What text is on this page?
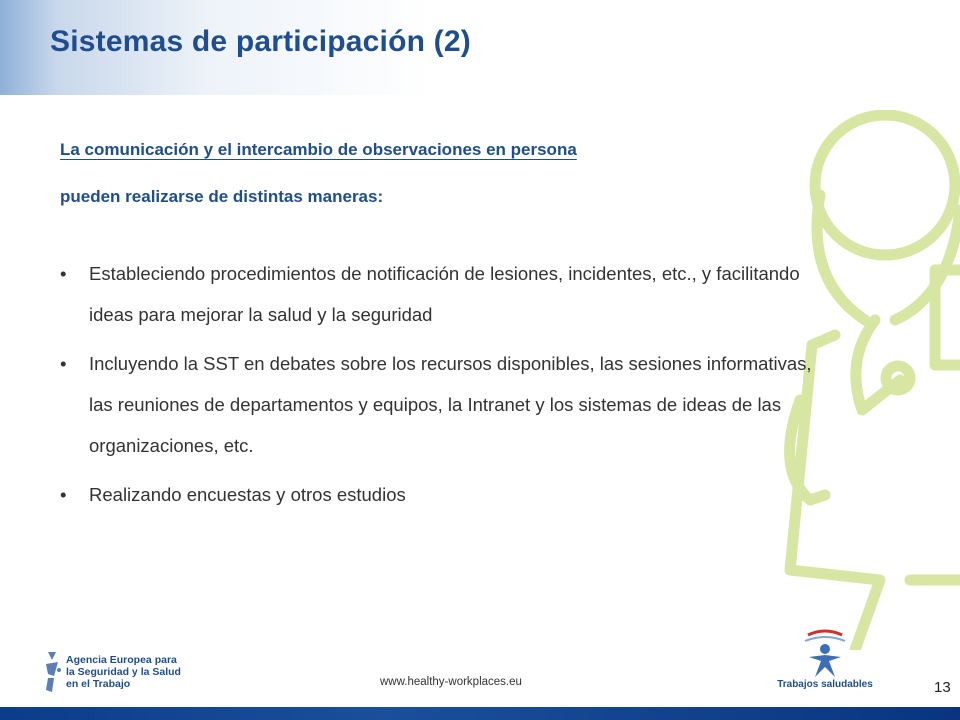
Sistemas de participación (2)

La comunicación y el intercambio de observaciones en persona

pueden realizarse de distintas maneras:

• Estableciendo procedimientos de notificación de lesiones, incidentes, etc., y facilitando ideas para mejorar la salud y la seguridad
• Incluyendo la SST en debates sobre los recursos disponibles, las sesiones informativas, las reuniones de departamentos y equipos, la Intranet y los sistemas de ideas de las organizaciones, etc.
• Realizando encuestas y otros estudios
Agencia Europea para
la Seguridad y la Salud
en el Trabajo	www.healthy-workplaces.eu	Trabajos saludables	13
